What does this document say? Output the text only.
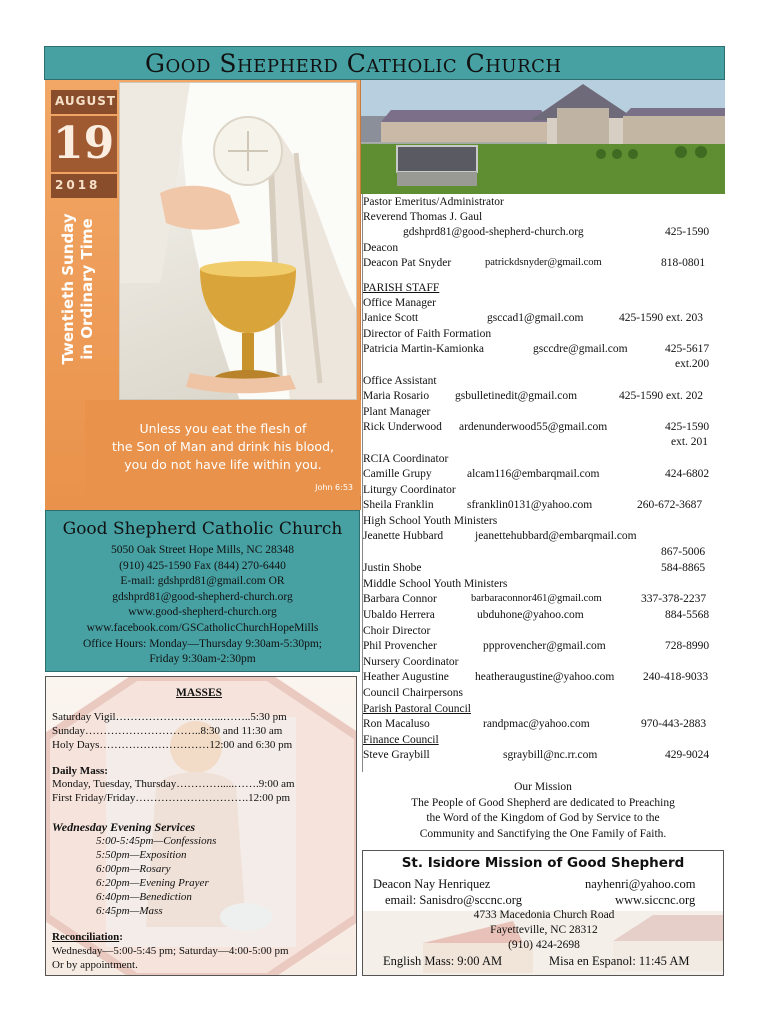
Good Shepherd Catholic Church
AUGUST
19
2018
Twentieth Sunday in Ordinary Time
Unless you eat the flesh of
the Son of Man and drink his blood,
you do not have life within you.
John 6:53
Good Shepherd Catholic Church
5050 Oak Street Hope Mills, NC 28348
(910) 425-1590 Fax (844) 270-6440
E-mail: gdshprd81@gmail.com OR
gdshprd81@good-shepherd-church.org
www.good-shepherd-church.org
www.facebook.com/GSCatholicChurchHopeMills
Office Hours: Monday—Thursday 9:30am-5:30pm;
Friday 9:30am-2:30pm
MASSES
Saturday Vigil………………………...……..5:30 pm
Sunday…………………………..8:30 and 11:30 am
Holy Days…………………………12:00 and 6:30 pm
Daily Mass:
Monday, Tuesday, Thursday………….....…….9:00 am
First Friday/Friday………………………….12:00 pm
Wednesday Evening Services
5:00-5:45pm—Confessions
5:50pm—Exposition
6:00pm—Rosary
6:20pm—Evening Prayer
6:40pm—Benediction
6:45pm—Mass
Reconciliation:
Wednesday—5:00-5:45 pm; Saturday—4:00-5:00 pm
Or by appointment.
Pastor Emeritus/Administrator
Reverend Thomas J. Gaul
gdshprd81@good-shepherd-church.org	425-1590
Deacon
Deacon Pat Snyder	patrickdsnyder@gmail.com	818-0801
PARISH STAFF
Office Manager
Janice Scott	gsccad1@gmail.com	425-1590 ext. 203
Director of Faith Formation
Patricia Martin-Kamionka	gsccdre@gmail.com	425-5617
ext.200
Office Assistant
Maria Rosario gsbulletinedit@gmail.com	425-1590 ext. 202
Plant Manager
Rick Underwood ardenunderwood55@gmail.com	425-1590
ext. 201
RCIA Coordinator
Camille Grupy	alcam116@embarqmail.com	424-6802
Liturgy Coordinator
Sheila Franklin	sfranklin0131@yahoo.com	260-672-3687
High School Youth Ministers
Jeanette Hubbard	jeanettehubbard@embarqmail.com
867-5006
Justin Shobe	584-8865
Middle School Youth Ministers
Barbara Connor	barbaraconnor461@gmail.com	337-378-2237
Ubaldo Herrera	ubduhone@yahoo.com	884-5568
Choir Director
Phil Provencher	ppprovencher@gmail.com	728-8990
Nursery Coordinator
Heather Augustine heatheraugustine@yahoo.com 240-418-9033
Council Chairpersons
Parish Pastoral Council
Ron Macaluso	randpmac@yahoo.com	970-443-2883
Finance Council
Steve Graybill	sgraybill@nc.rr.com	429-9024
Our Mission
The People of Good Shepherd are dedicated to Preaching
the Word of the Kingdom of God by Service to the
Community and Sanctifying the One Family of Faith.
St. Isidore Mission of Good Shepherd
Deacon Nay Henriquez	nayhenri@yahoo.com
email: Sanisdro@sccnc.org	www.siccnc.org
4733 Macedonia Church Road
Fayetteville, NC 28312
(910) 424-2698
English Mass: 9:00 AM	Misa en Espanol: 11:45 AM
